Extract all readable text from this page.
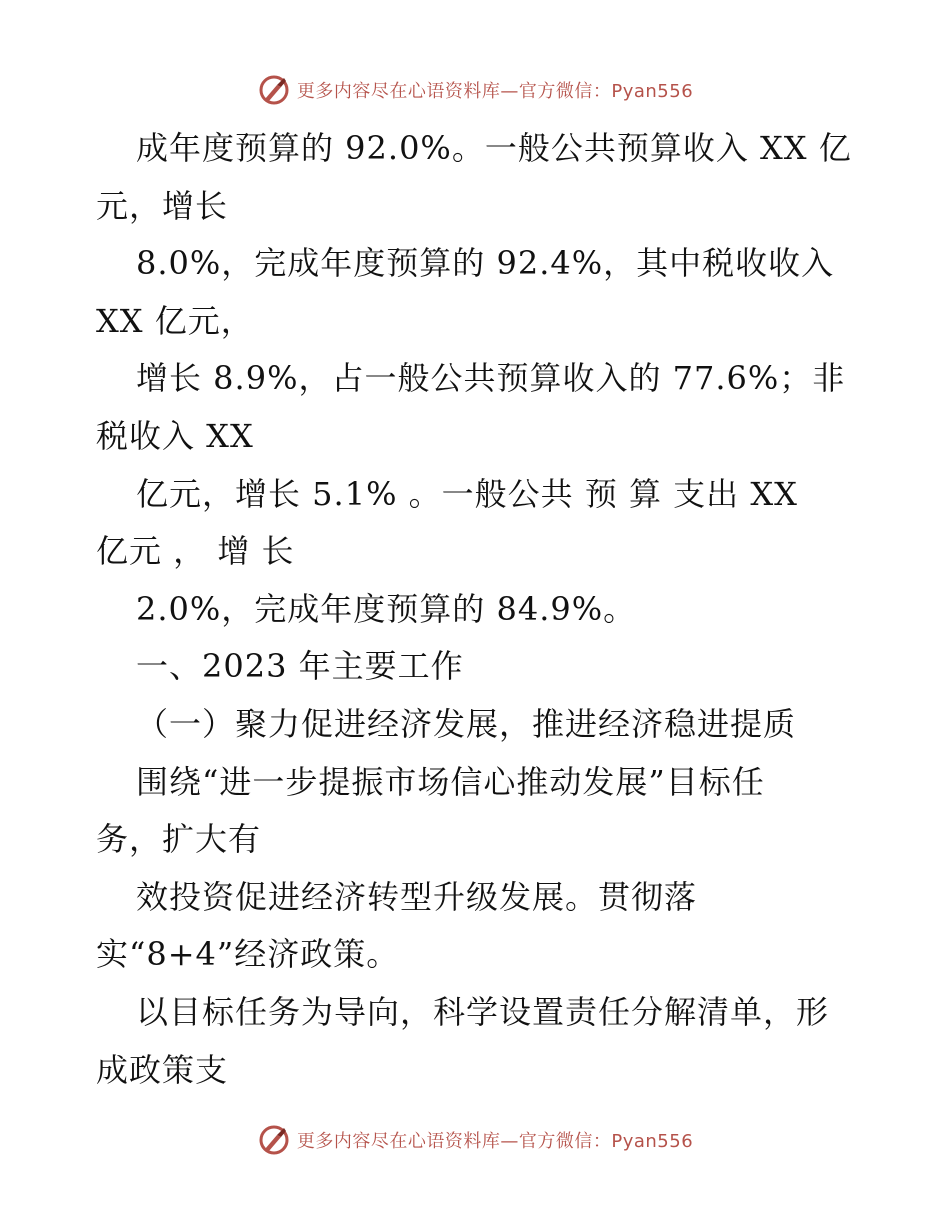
更多内容尽在心语资料库—官方微信：Pyan556
成年度预算的 92.0%。一般公共预算收入 XX 亿
元，增长
8.0%，完成年度预算的 92.4%，其中税收收入
XX 亿元，
增长 8.9%，占一般公共预算收入的 77.6%；非
税收入 XX
亿元，增长 5.1% 。一般公共 预 算 支出 XX
亿元 ， 增 长
2.0%，完成年度预算的 84.9%。
一、2023 年主要工作
（一）聚力促进经济发展，推进经济稳进提质
围绕“进一步提振市场信心推动发展”目标任
务，扩大有
效投资促进经济转型升级发展。贯彻落
实“8+4”经济政策。
以目标任务为导向，科学设置责任分解清单，形
成政策支
更多内容尽在心语资料库—官方微信：Pyan556
